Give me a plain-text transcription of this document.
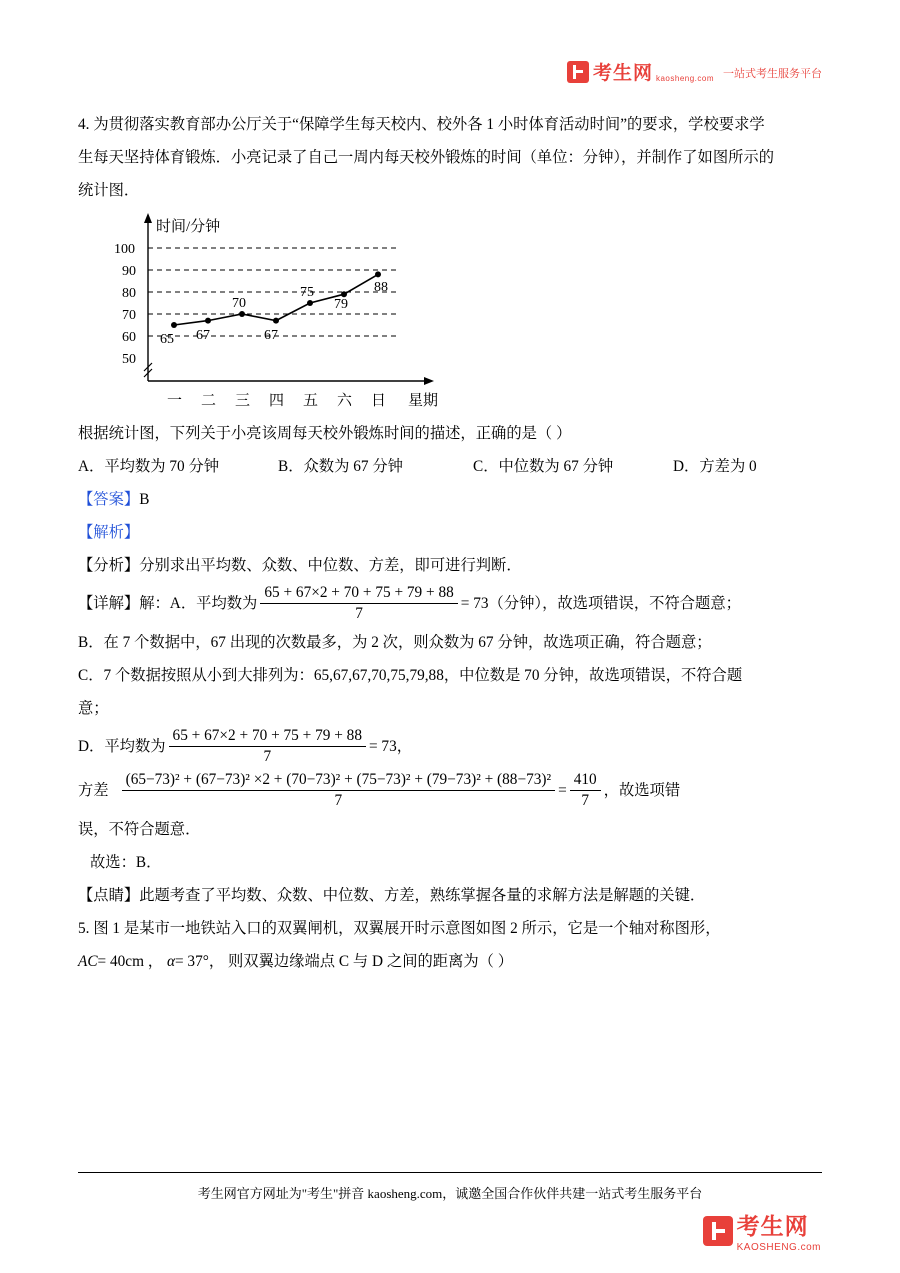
考生网 kaosheng.com 一站式考生服务平台

4. 为贯彻落实教育部办公厅关于“保障学生每天校内、校外各 1 小时体育活动时间”的要求，学校要求学

生每天坚持体育锻炼．小亮记录了自己一周内每天校外锻炼的时间（单位：分钟），并制作了如图所示的

统计图．

100
90
80
70
60
50
65 67
70
67
75
79
88
一 二 三 四 五 六 日 星期
时间/分钟

根据统计图，下列关于小亮该周每天校外锻炼时间的描述，正确的是（ ）

A．平均数为 70 分钟	B．众数为 67 分钟	C．中位数为 67 分钟	D．方差为 0

【答案】B

【解析】

【分析】分别求出平均数、众数、中位数、方差，即可进行判断．

【详解】解：A．平均数为 $\frac{65 + 67\times 2 + 70 + 75 + 79 + 88}{7} = 73$（分钟），故选项错误，不符合题意；

B．在 7 个数据中，67 出现的次数最多，为 2 次，则众数为 67 分钟，故选项正确，符合题意；

C．7 个数据按照从小到大排列为：65,67,67,70,75,79,88，中位数是 70 分钟，故选项错误，不符合题

意；

D．平均数为 $\frac{65 + 67\times 2 + 70 + 75 + 79 + 88}{7} = 73$，

方差
(65−73)² + (67−73)² ×2 + (70−73)² + (75−73)² + (79−73)² + (88−73)²
7
= $\frac{410}{7}$ ，故选项错

误，不符合题意．

故选：B．

【点睛】此题考查了平均数、众数、中位数、方差，熟练掌握各量的求解方法是解题的关键．

5. 图 1 是某市一地铁站入口的双翼闸机，双翼展开时示意图如图 2 所示，它是一个轴对称图形，

AC= 40cm ， α= 37°， 则双翼边缘端点 C 与 D 之间的距离为（ ）

考生网官方网址为"考生"拼音 kaosheng.com，诚邀全国合作伙伴共建一站式考生服务平台
考生网
KAOSHENG.com
